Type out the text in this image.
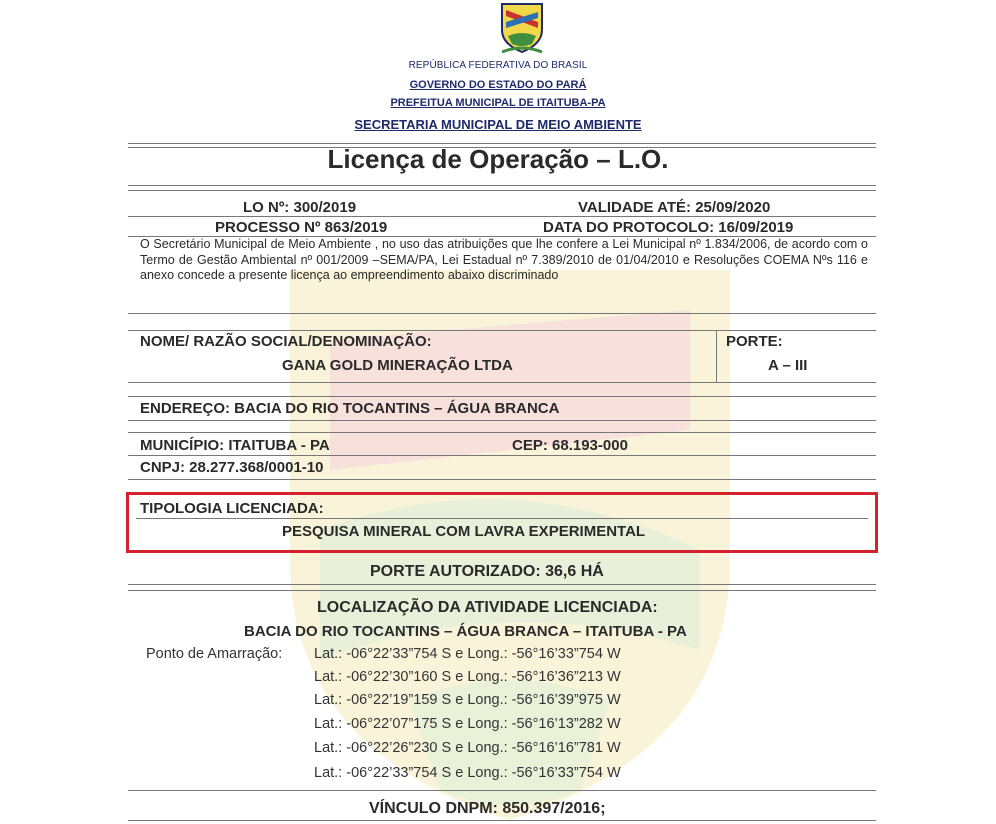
REPÚBLICA FEDERATIVA DO BRASIL
GOVERNO DO ESTADO DO PARÁ
PREFEITUA MUNICIPAL DE ITAITUBA-PA
SECRETARIA MUNICIPAL DE MEIO AMBIENTE
Licença de Operação – L.O.
LO Nº: 300/2019	VALIDADE ATÉ: 25/09/2020
PROCESSO Nº 863/2019	DATA DO PROTOCOLO: 16/09/2019
O Secretário Municipal de Meio Ambiente , no uso das atribuições que lhe confere a Lei Municipal nº 1.834/2006, de acordo com o Termo de Gestão Ambiental nº 001/2009 –SEMA/PA, Lei Estadual nº 7.389/2010 de 01/04/2010 e Resoluções COEMA Nºs 116 e anexo concede a presente licença ao empreendimento abaixo discriminado
NOME/ RAZÃO SOCIAL/DENOMINAÇÃO:
GANA GOLD MINERAÇÃO LTDA
PORTE:
A – III
ENDEREÇO: BACIA DO RIO TOCANTINS – ÁGUA BRANCA
MUNICÍPIO: ITAITUBA - PA	CEP: 68.193-000
CNPJ: 28.277.368/0001-10
TIPOLOGIA LICENCIADA:
PESQUISA MINERAL COM LAVRA EXPERIMENTAL
PORTE AUTORIZADO: 36,6 HÁ
LOCALIZAÇÃO DA ATIVIDADE LICENCIADA:
BACIA DO RIO TOCANTINS – ÁGUA BRANCA – ITAITUBA - PA
Ponto de Amarração: Lat.: -06°22’33”754 S e Long.: -56°16’33”754 W
Lat.: -06°22’30”160 S e Long.: -56°16’36”213 W
Lat.: -06°22’19”159 S e Long.: -56°16’39”975 W
Lat.: -06°22’07”175 S e Long.: -56°16’13”282 W
Lat.: -06°22’26”230 S e Long.: -56°16’16”781 W
Lat.: -06°22’33”754 S e Long.: -56°16’33”754 W
VÍNCULO DNPM: 850.397/2016;
